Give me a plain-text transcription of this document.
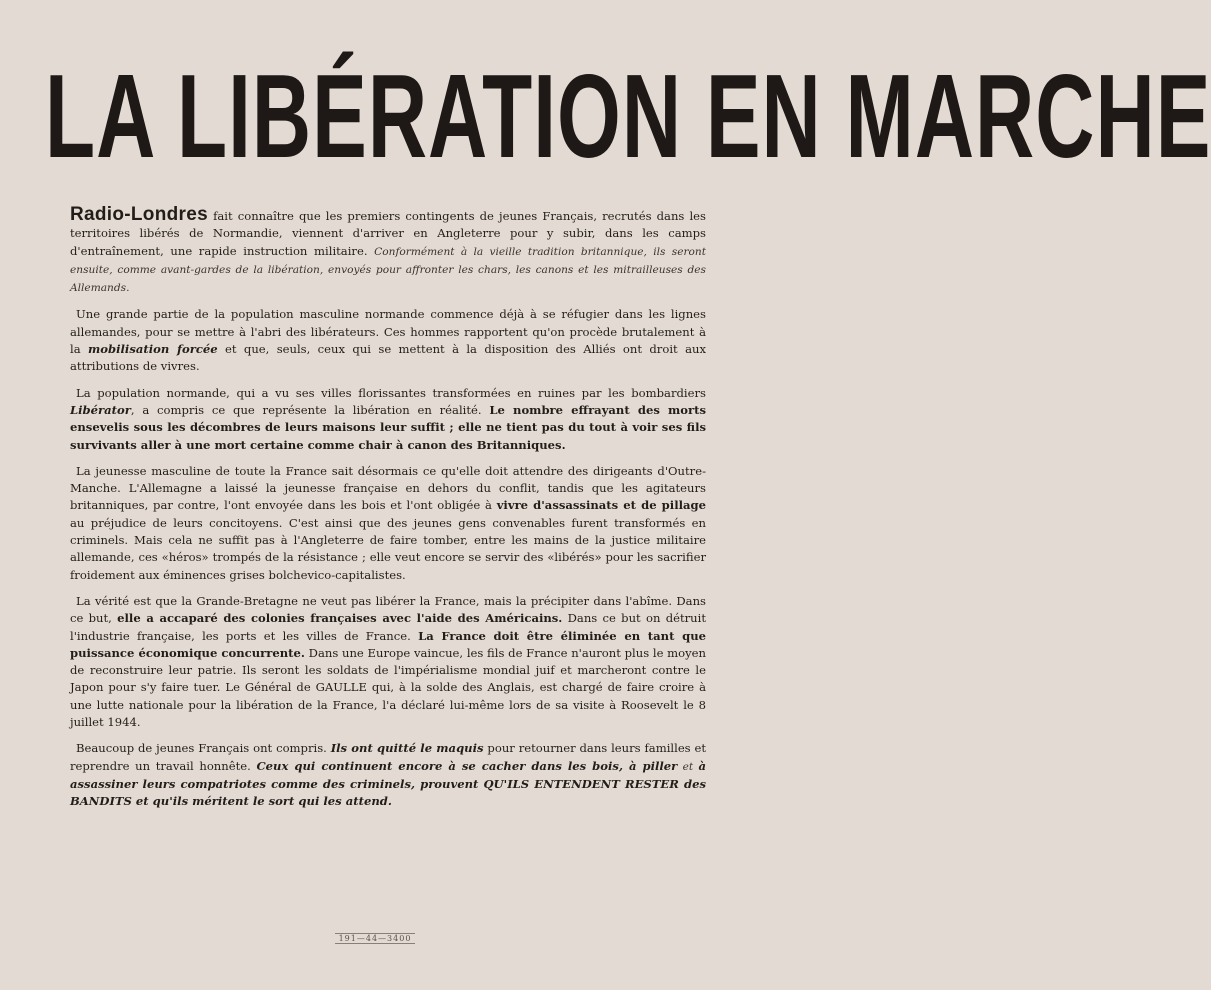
LA LIBÉRATION EN MARCHE

Radio-Londres fait connaître que les premiers contingents de jeunes Français, recrutés dans les territoires libérés de Normandie, viennent d'arriver en Angleterre pour y subir, dans les camps d'entraînement, une rapide instruction militaire. Conformément à la vieille tradition britannique, ils seront ensuite, comme avant-gardes de la libération, envoyés pour affronter les chars, les canons et les mitrailleuses des Allemands.

Une grande partie de la population masculine normande commence déjà à se réfugier dans les lignes allemandes, pour se mettre à l'abri des libérateurs. Ces hommes rapportent qu'on procède brutalement à la mobilisation forcée et que, seuls, ceux qui se mettent à la disposition des Alliés ont droit aux attributions de vivres.

La population normande, qui a vu ses villes florissantes transformées en ruines par les bombardiers Libérator, a compris ce que représente la libération en réalité. Le nombre effrayant des morts ensevelis sous les décombres de leurs maisons leur suffit ; elle ne tient pas du tout à voir ses fils survivants aller à une mort certaine comme chair à canon des Britanniques.

La jeunesse masculine de toute la France sait désormais ce qu'elle doit attendre des dirigeants d'Outre-Manche. L'Allemagne a laissé la jeunesse française en dehors du conflit, tandis que les agitateurs britanniques, par contre, l'ont envoyée dans les bois et l'ont obligée à vivre d'assassinats et de pillage au préjudice de leurs concitoyens. C'est ainsi que des jeunes gens convenables furent transformés en criminels. Mais cela ne suffit pas à l'Angleterre de faire tomber, entre les mains de la justice militaire allemande, ces «héros» trompés de la résistance ; elle veut encore se servir des «libérés» pour les sacrifier froidement aux éminences grises bolchevico-capitalistes.

La vérité est que la Grande-Bretagne ne veut pas libérer la France, mais la précipiter dans l'abîme. Dans ce but, elle a accaparé des colonies françaises avec l'aide des Américains. Dans ce but on détruit l'industrie française, les ports et les villes de France. La France doit être éliminée en tant que puissance économique concurrente. Dans une Europe vaincue, les fils de France n'auront plus le moyen de reconstruire leur patrie. Ils seront les soldats de l'impérialisme mondial juif et marcheront contre le Japon pour s'y faire tuer. Le Général de GAULLE qui, à la solde des Anglais, est chargé de faire croire à une lutte nationale pour la libération de la France, l'a déclaré lui-même lors de sa visite à Roosevelt le 8 juillet 1944.

Beaucoup de jeunes Français ont compris. Ils ont quitté le maquis pour retourner dans leurs familles et reprendre un travail honnête. Ceux qui continuent encore à se cacher dans les bois, à piller et à assassiner leurs compatriotes comme des criminels, prouvent QU'ILS ENTENDENT RESTER des BANDITS et qu'ils méritent le sort qui les attend.

191—44—3400
